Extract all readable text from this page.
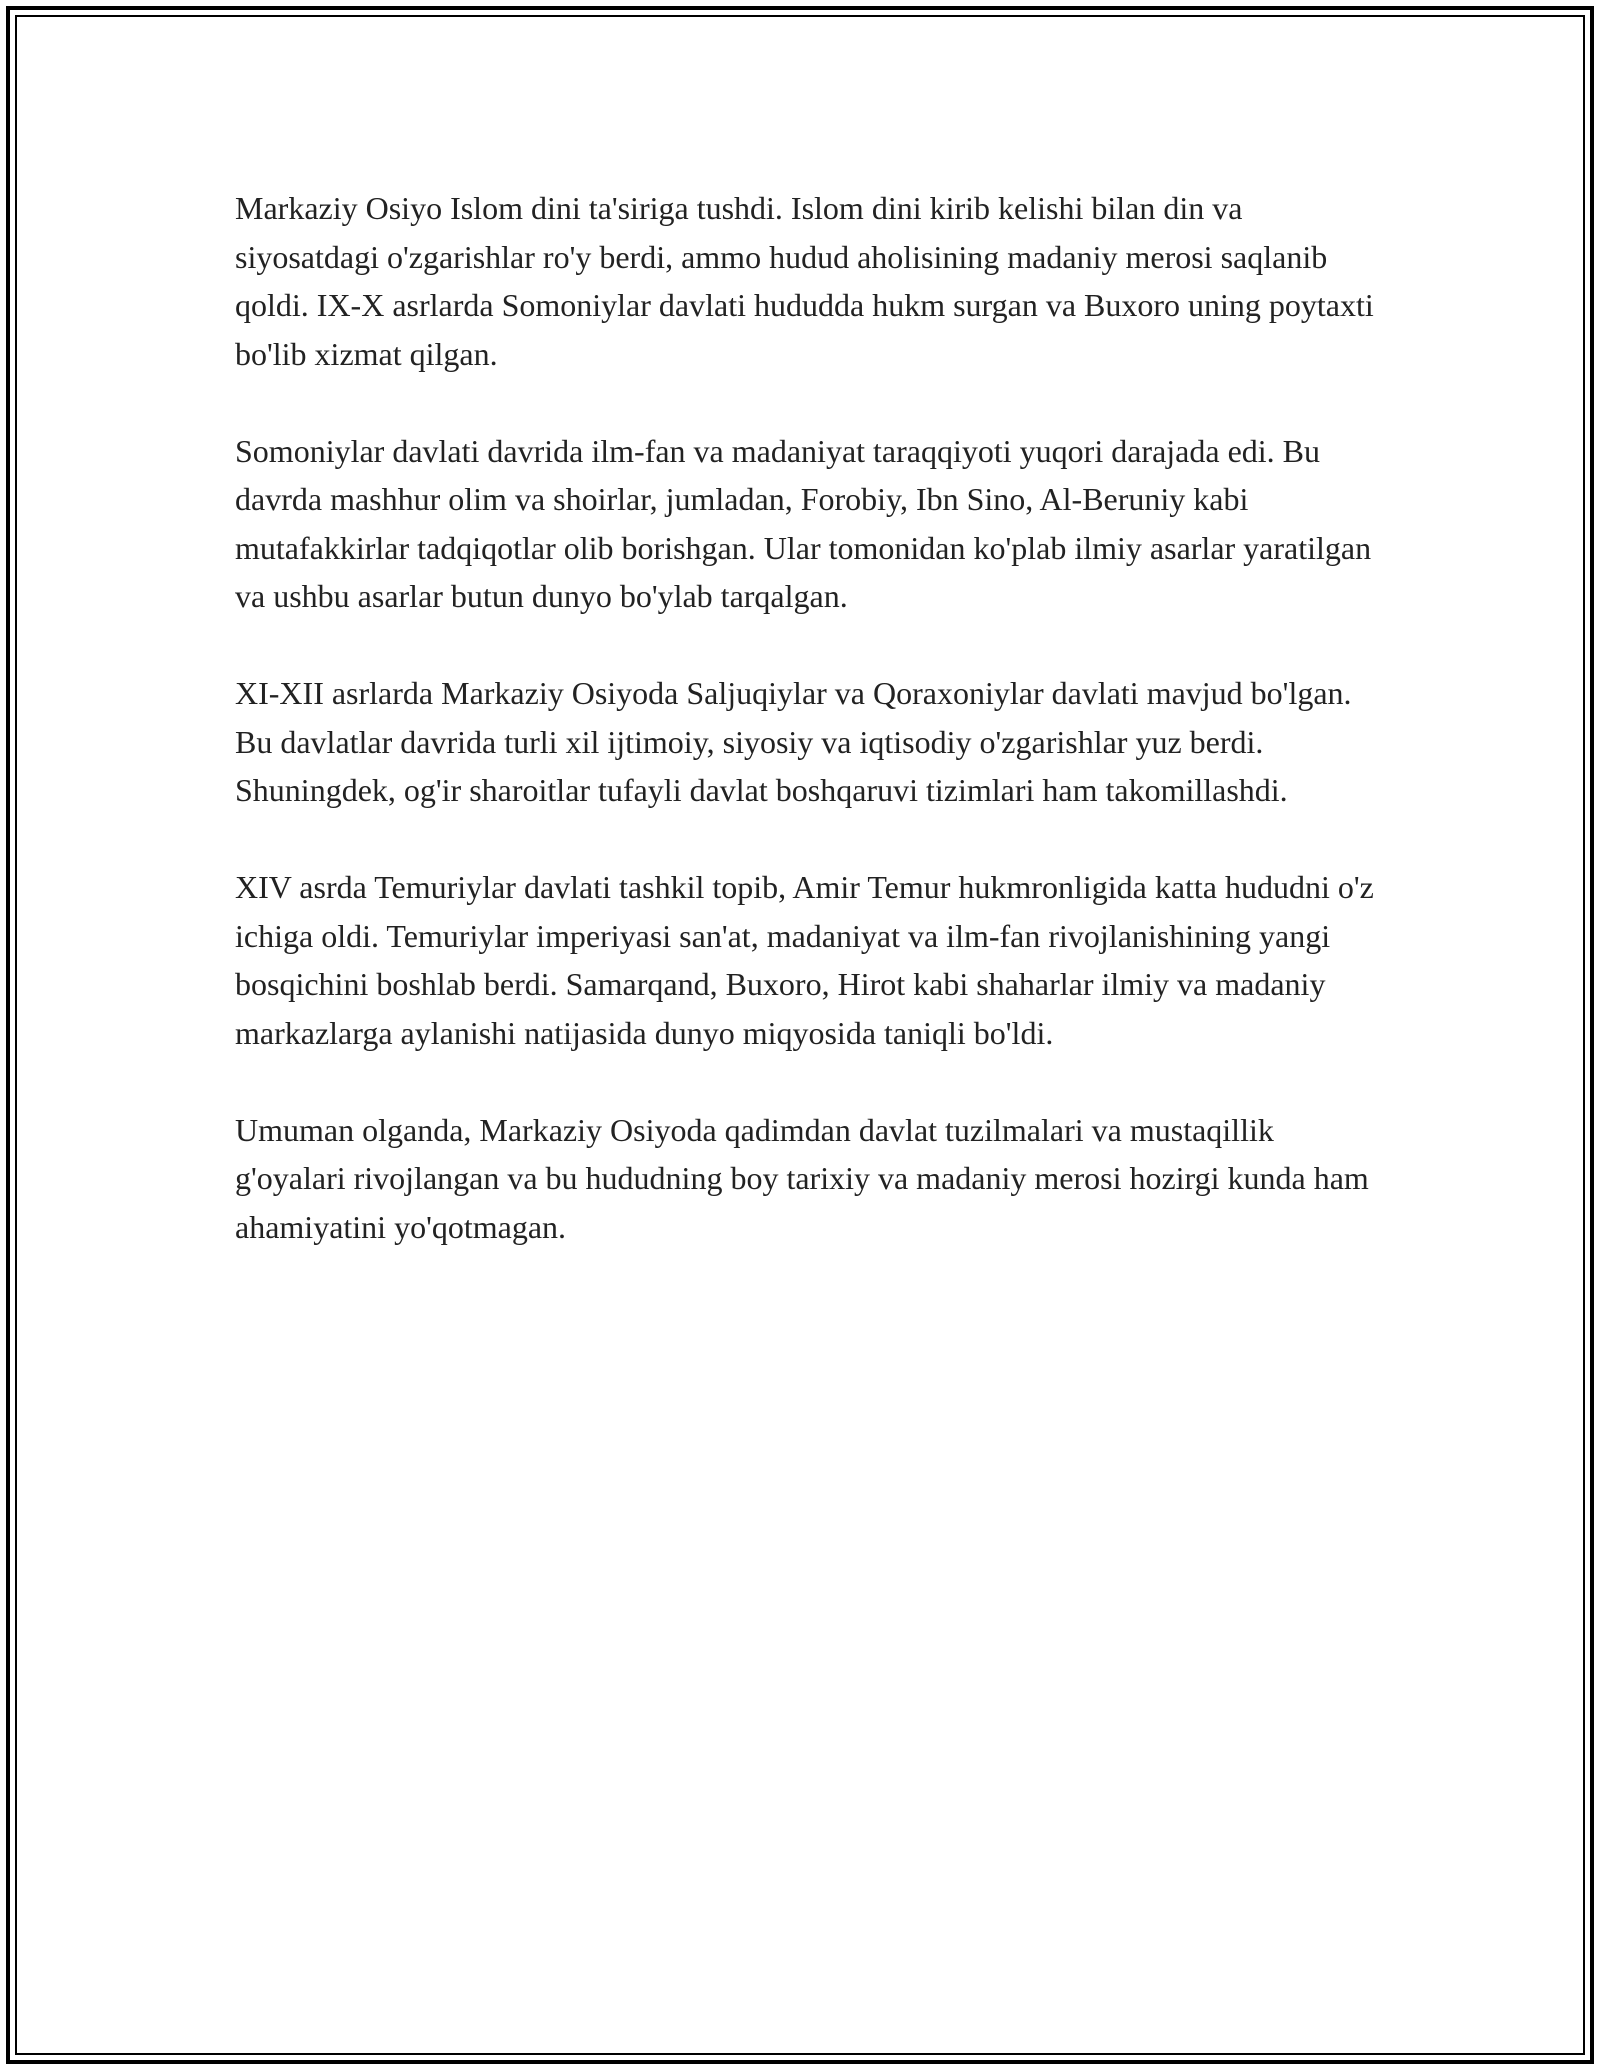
Markaziy Osiyo Islom dini ta'siriga tushdi. Islom dini kirib kelishi bilan din va siyosatdagi o'zgarishlar ro'y berdi, ammo hudud aholisining madaniy merosi saqlanib qoldi. IX-X asrlarda Somoniylar davlati hududda hukm surgan va Buxoro uning poytaxti bo'lib xizmat qilgan.

Somoniylar davlati davrida ilm-fan va madaniyat taraqqiyoti yuqori darajada edi. Bu davrda mashhur olim va shoirlar, jumladan, Forobiy, Ibn Sino, Al-Beruniy kabi mutafakkirlar tadqiqotlar olib borishgan. Ular tomonidan ko'plab ilmiy asarlar yaratilgan va ushbu asarlar butun dunyo bo'ylab tarqalgan.

XI-XII asrlarda Markaziy Osiyoda Saljuqiylar va Qoraxoniylar davlati mavjud bo'lgan. Bu davlatlar davrida turli xil ijtimoiy, siyosiy va iqtisodiy o'zgarishlar yuz berdi. Shuningdek, og'ir sharoitlar tufayli davlat boshqaruvi tizimlari ham takomillashdi.

XIV asrda Temuriylar davlati tashkil topib, Amir Temur hukmronligida katta hududni o'z ichiga oldi. Temuriylar imperiyasi san'at, madaniyat va ilm-fan rivojlanishining yangi bosqichini boshlab berdi. Samarqand, Buxoro, Hirot kabi shaharlar ilmiy va madaniy markazlarga aylanishi natijasida dunyo miqyosida taniqli bo'ldi.

Umuman olganda, Markaziy Osiyoda qadimdan davlat tuzilmalari va mustaqillik g'oyalari rivojlangan va bu hududning boy tarixiy va madaniy merosi hozirgi kunda ham ahamiyatini yo'qotmagan.
